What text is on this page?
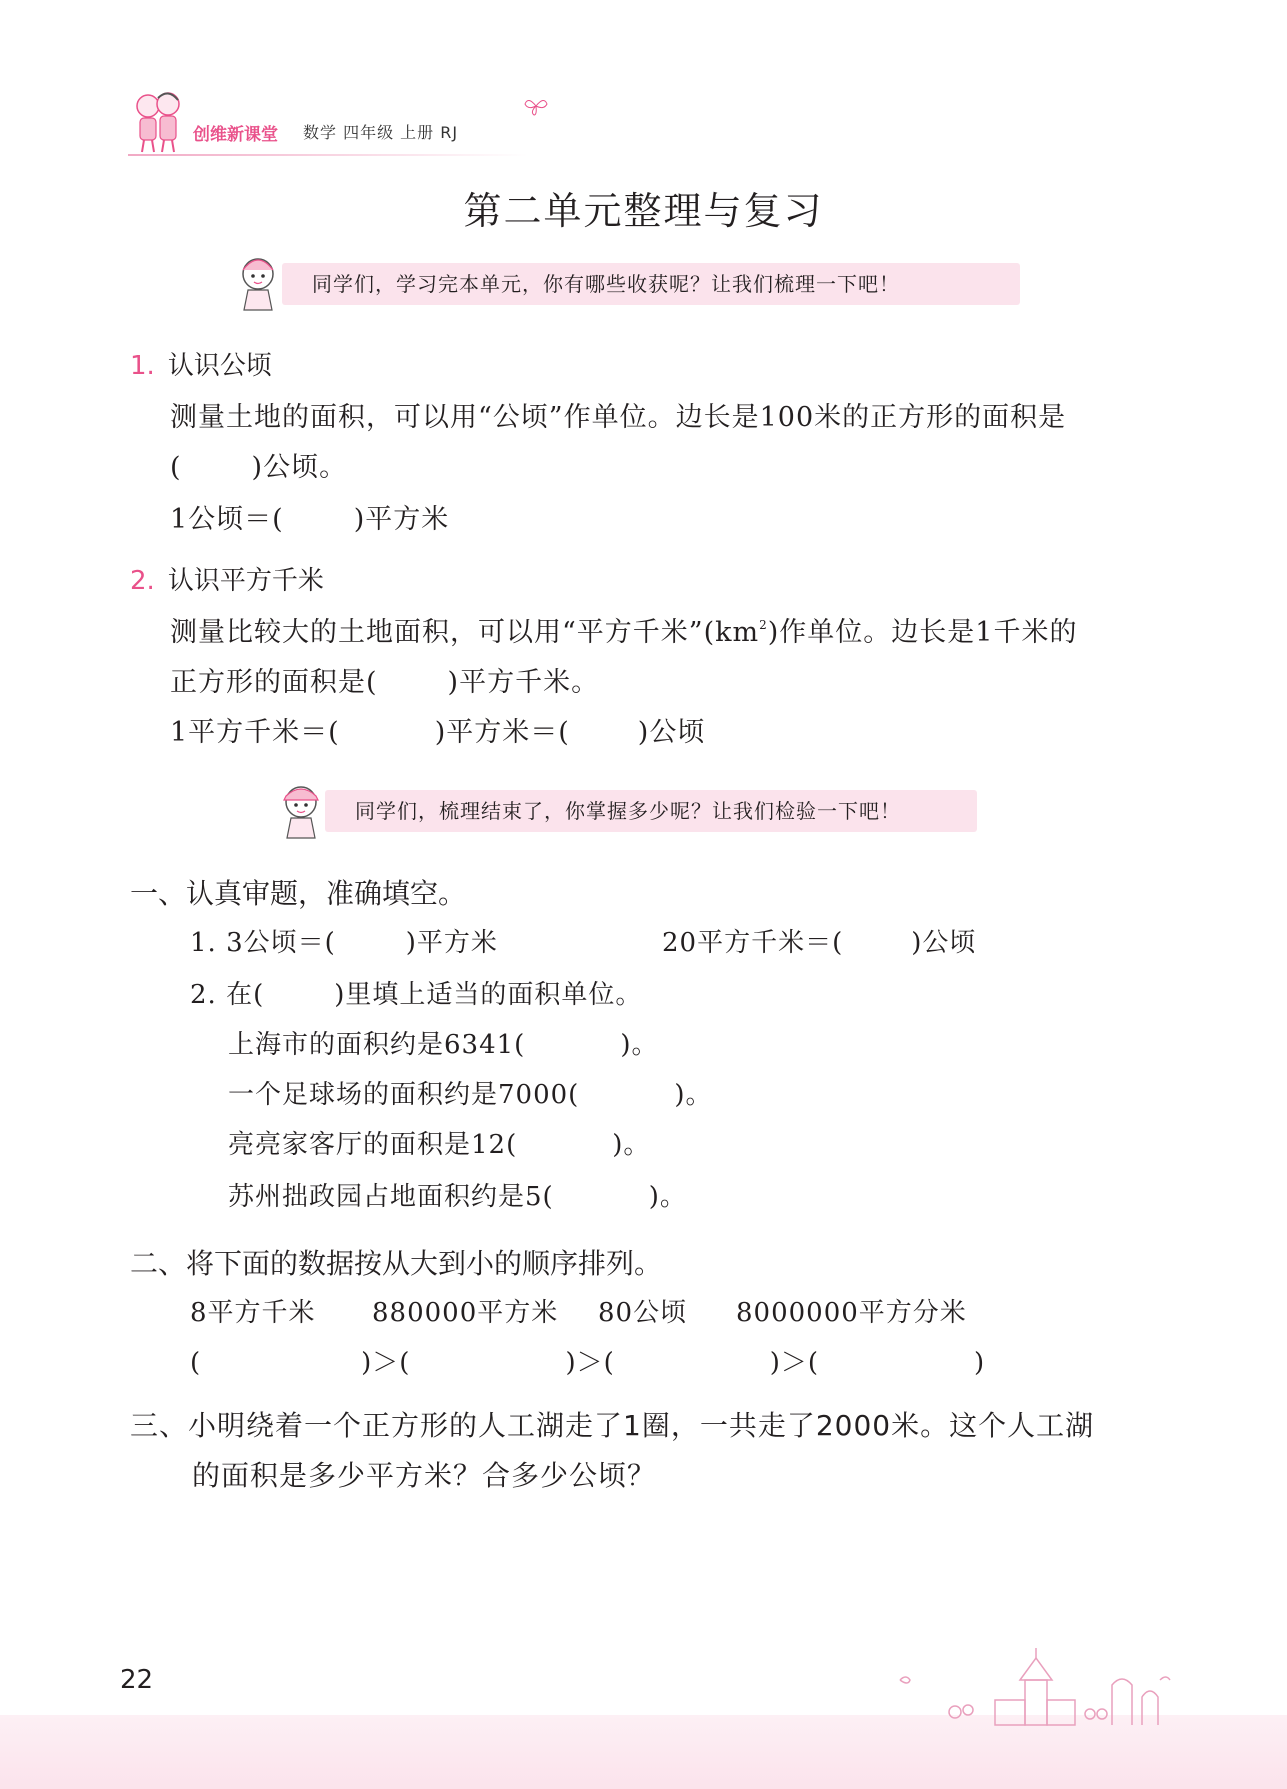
创维新课堂 数学 四年级 上册 RJ
第二单元整理与复习
同学们，学习完本单元，你有哪些收获呢？让我们梳理一下吧！
1. 认识公顷
测量土地的面积，可以用“公顷”作单位。边长是100米的正方形的面积是
(	)公顷。
1公顷＝(	)平方米
2. 认识平方千米
测量比较大的土地面积，可以用“平方千米$”(km^2)$作单位。边长是1千米的
正方形的面积是(	)平方千米。
1平方千米＝(	)平方米＝(	)公顷
同学们，梳理结束了，你掌握多少呢？让我们检验一下吧！
一、认真审题，准确填空。
1. 3公顷＝(	)平方米	20平方千米＝(	)公顷
2. 在(	)里填上适当的面积单位。
上海市的面积约是6341(	)。
一个足球场的面积约是7000(	)。
亮亮家客厅的面积是12(	)。
苏州拙政园占地面积约是5(	)。
二、将下面的数据按从大到小的顺序排列。
8平方千米 880000平方米 80公顷 8000000平方分米
(	)＞(	)＞(	)＞(	)
三、小明绕着一个正方形的人工湖走了1圈，一共走了2000米。这个人工湖
的面积是多少平方米？合多少公顷？
22
